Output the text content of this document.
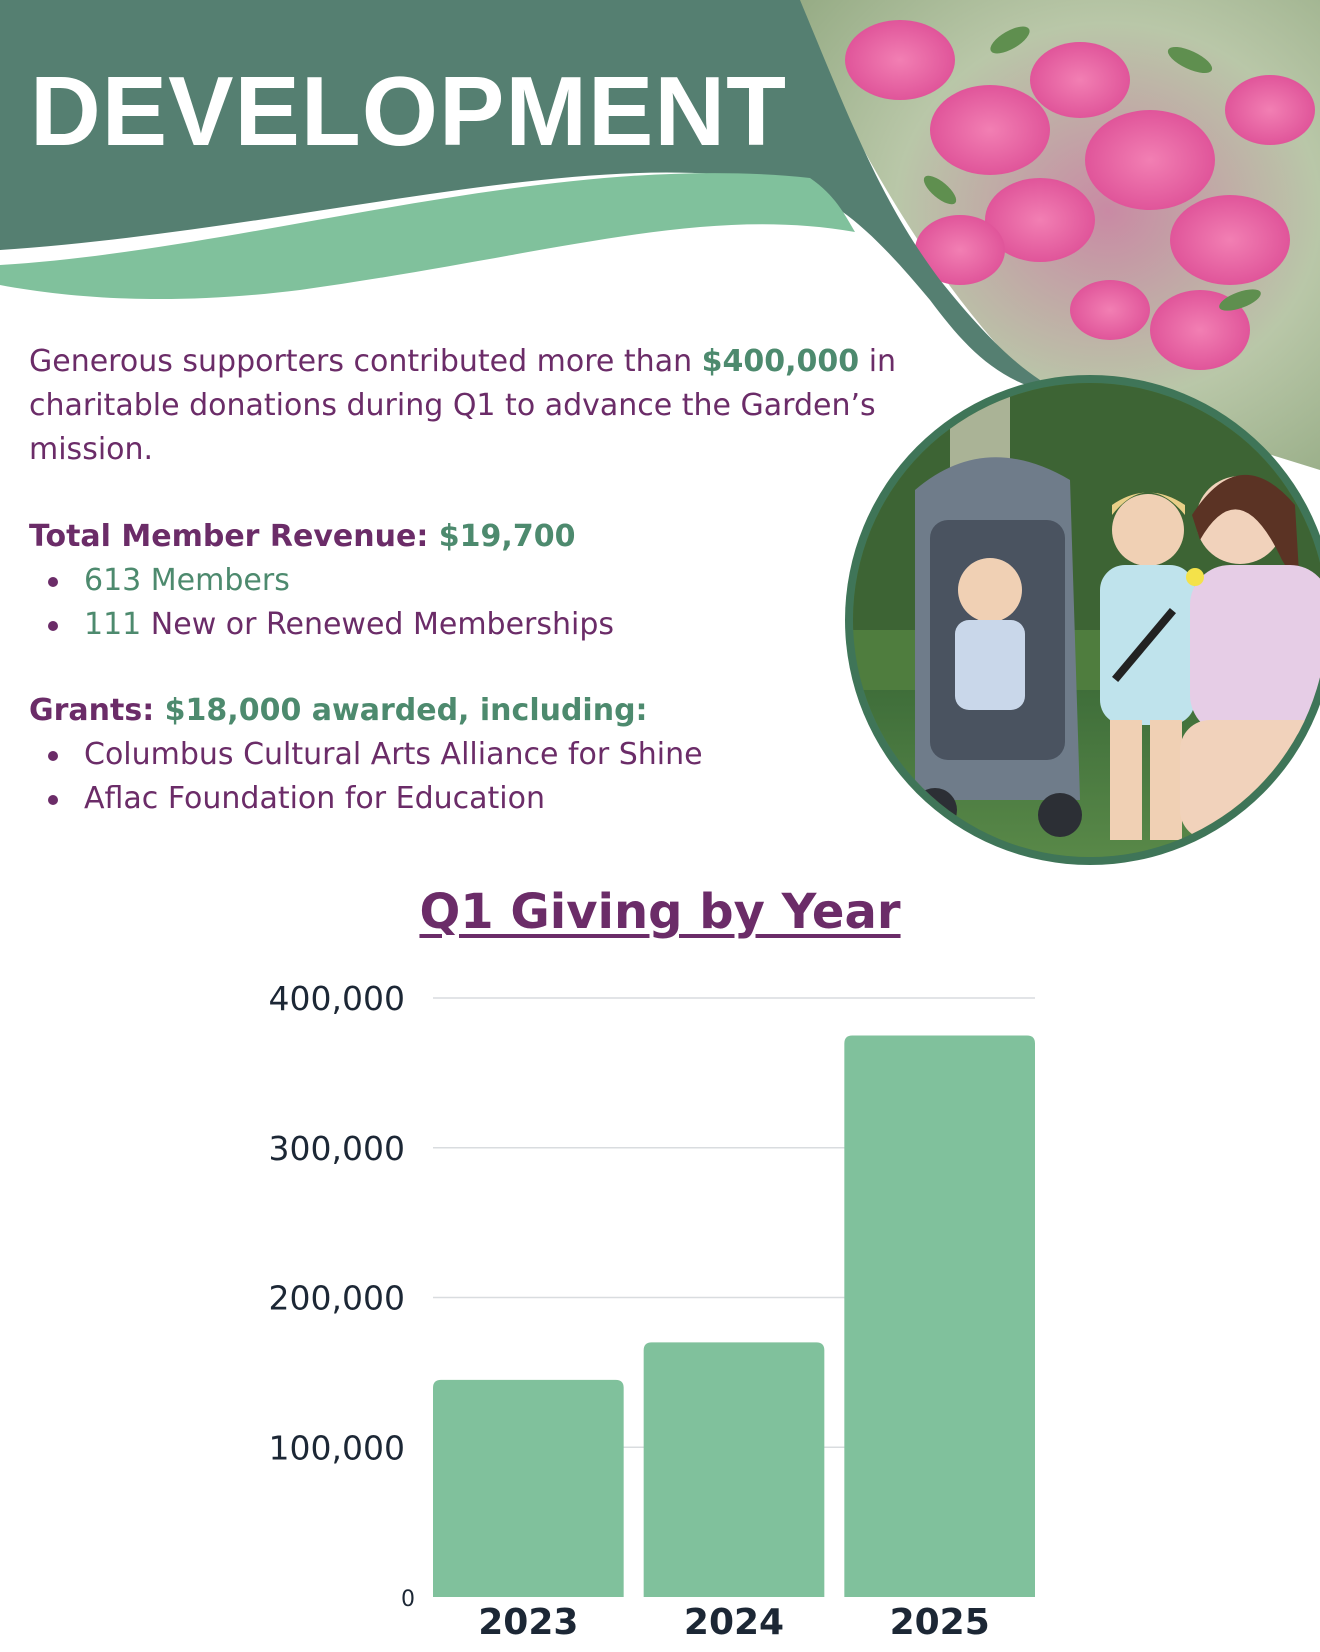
DEVELOPMENT

Generous supporters contributed more than $400,000 in charitable donations during Q1 to advance the Garden’s mission.

Total Member Revenue: $19,700

613 Members
111 New or Renewed Memberships

Grants: $18,000 awarded, including:

Columbus Cultural Arts Alliance for Shine
Aflac Foundation for Education
Q1 Giving by Year
0
100,000
200,000
300,000
400,000
2023	2024	2025
